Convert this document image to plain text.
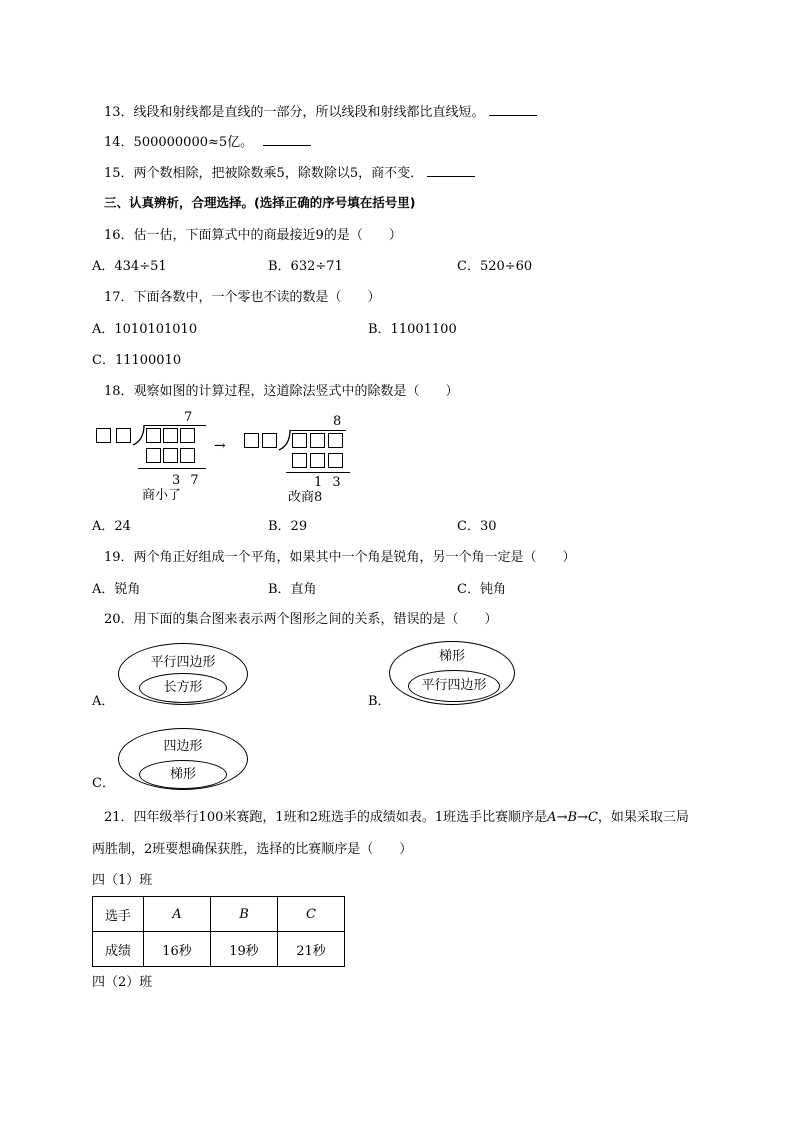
13．线段和射线都是直线的一部分，所以线段和射线都比直线短。
14．500000000≈5亿。
15．两个数相除，把被除数乘5，除数除以5，商不变．
三、认真辨析，合理选择。(选择正确的序号填在括号里)
16．估一估，下面算式中的商最接近9的是（　　）
A．434÷51	B．632÷71	C．520÷60
17．下面各数中，一个零也不读的数是（　　）
A．1010101010	B．11001100
C．11100010
18．观察如图的计算过程，这道除法竖式中的除数是（　　）
7
3 7
商小了
→
8
1 3
改商8
A．24	B．29	C．30
19．两个角正好组成一个平角，如果其中一个角是锐角，另一个角一定是（　　）
A．锐角	B．直角	C．钝角
20．用下面的集合图来表示两个图形之间的关系，错误的是（　　）
A．
平行四边形
长方形
B．
梯形
平行四边形
C．
四边形
梯形
21．四年级举行100米赛跑，1班和2班选手的成绩如表。1班选手比赛顺序是A→B→C，如果采取三局
两胜制，2班要想确保获胜，选择的比赛顺序是（　　）
四（1）班
选手	A	B	C
成绩	16秒	19秒	21秒
四（2）班
